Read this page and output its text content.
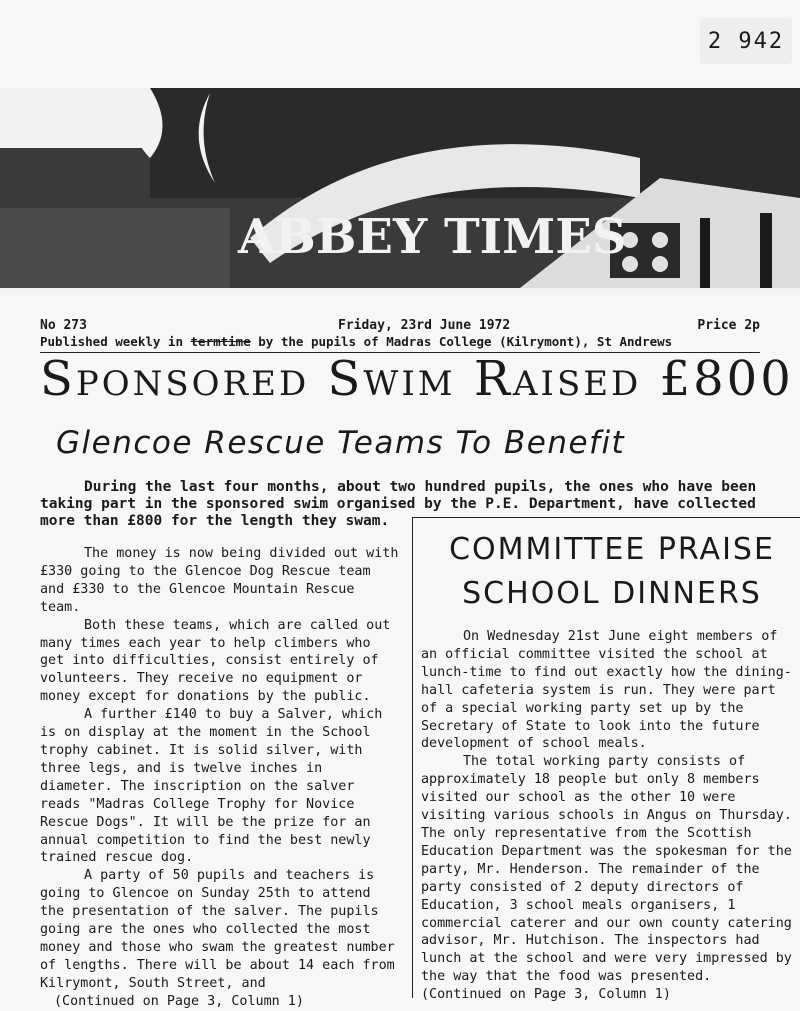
2 942
ABBEY TIMES
No 273	Friday, 23rd June 1972	Price 2p
Published weekly in termtime by the pupils of Madras College (Kilrymont), St Andrews
Sponsored Swim Raised £800
Glencoe Rescue Teams To Benefit

During the last four months, about two hundred pupils, the ones who have been taking part in the sponsored swim organised by the P.E. Department, have collected more than £800 for the length they swam.

The money is now being divided out with £330 going to the Glencoe Dog Rescue team and £330 to the Glencoe Mountain Rescue team.

Both these teams, which are called out many times each year to help climbers who get into difficulties, consist entirely of volunteers. They receive no equipment or money except for donations by the public.

A further £140 to buy a Salver, which is on display at the moment in the School trophy cabinet. It is solid silver, with three legs, and is twelve inches in diameter. The inscription on the salver reads "Madras College Trophy for Novice Rescue Dogs". It will be the prize for an annual competition to find the best newly trained rescue dog.

A party of 50 pupils and teachers is going to Glencoe on Sunday 25th to attend the presentation of the salver. The pupils going are the ones who collected the most money and those who swam the greatest number of lengths. There will be about 14 each from Kilrymont, South Street, and

(Continued on Page 3, Column 1)

COMMITTEE PRAISE
SCHOOL DINNERS

On Wednesday 21st June eight members of an official committee visited the school at lunch-time to find out exactly how the dining-hall cafeteria system is run. They were part of a special working party set up by the Secretary of State to look into the future development of school meals.

The total working party consists of approximately 18 people but only 8 members visited our school as the other 10 were visiting various schools in Angus on Thursday. The only representative from the Scottish Education Department was the spokesman for the party, Mr. Henderson. The remainder of the party consisted of 2 deputy directors of Education, 3 school meals organisers, 1 commercial caterer and our own county catering advisor, Mr. Hutchison. The inspectors had lunch at the school and were very impressed by the way that the food was presented.

(Continued on Page 3, Column 1)
